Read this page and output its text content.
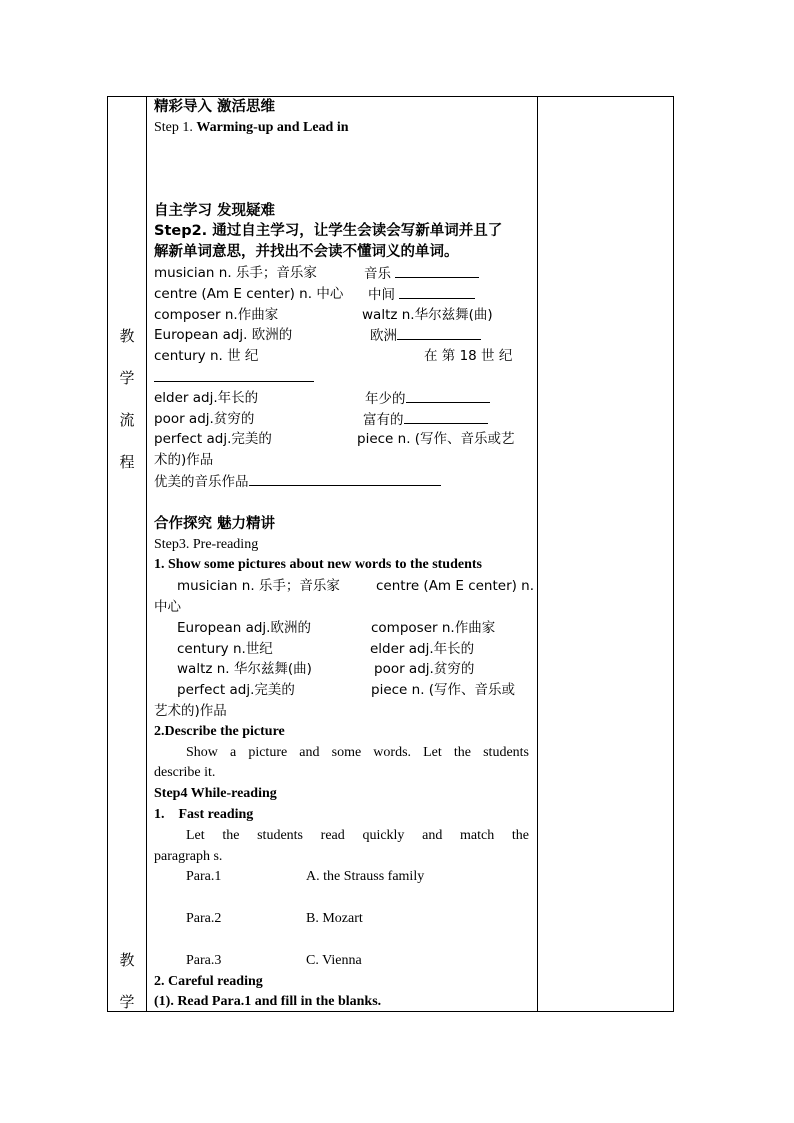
教
学
流
程
教
学
精彩导入 激活思维
Step 1. Warming-up and Lead in
自主学习 发现疑难
Step2. 通过自主学习，让学生会读会写新单词并且了
解新单词意思，并找出不会读不懂词义的单词。
musician n. 乐手；音乐家	音乐
centre (Am E center) n. 中心 中间
composer n.作曲家	waltz n.华尔兹舞(曲)
European adj. 欧洲的	欧洲
century n. 世 纪	在 第 18 世 纪
elder adj.年长的	年少的
poor adj.贫穷的	富有的
perfect adj.完美的	piece n. (写作、音乐或艺
术的)作品
优美的音乐作品
合作探究 魅力精讲
Step3. Pre-reading
1. Show some pictures about new words to the students
musician n. 乐手；音乐家	centre (Am E center) n.
中心
European adj.欧洲的	composer n.作曲家
century n.世纪	elder adj.年长的
waltz n. 华尔兹舞(曲)	poor adj.贫穷的
perfect adj.完美的	piece n. (写作、音乐或
艺术的)作品
2.Describe the picture
Show a picture and some words. Let the students
describe it.
Step4 While-reading
1. Fast reading
Let the students read quickly and match the
paragraph s.
Para.1	A. the Strauss family
Para.2	B. Mozart
Para.3	C. Vienna
2. Careful reading
(1). Read Para.1 and fill in the blanks.
